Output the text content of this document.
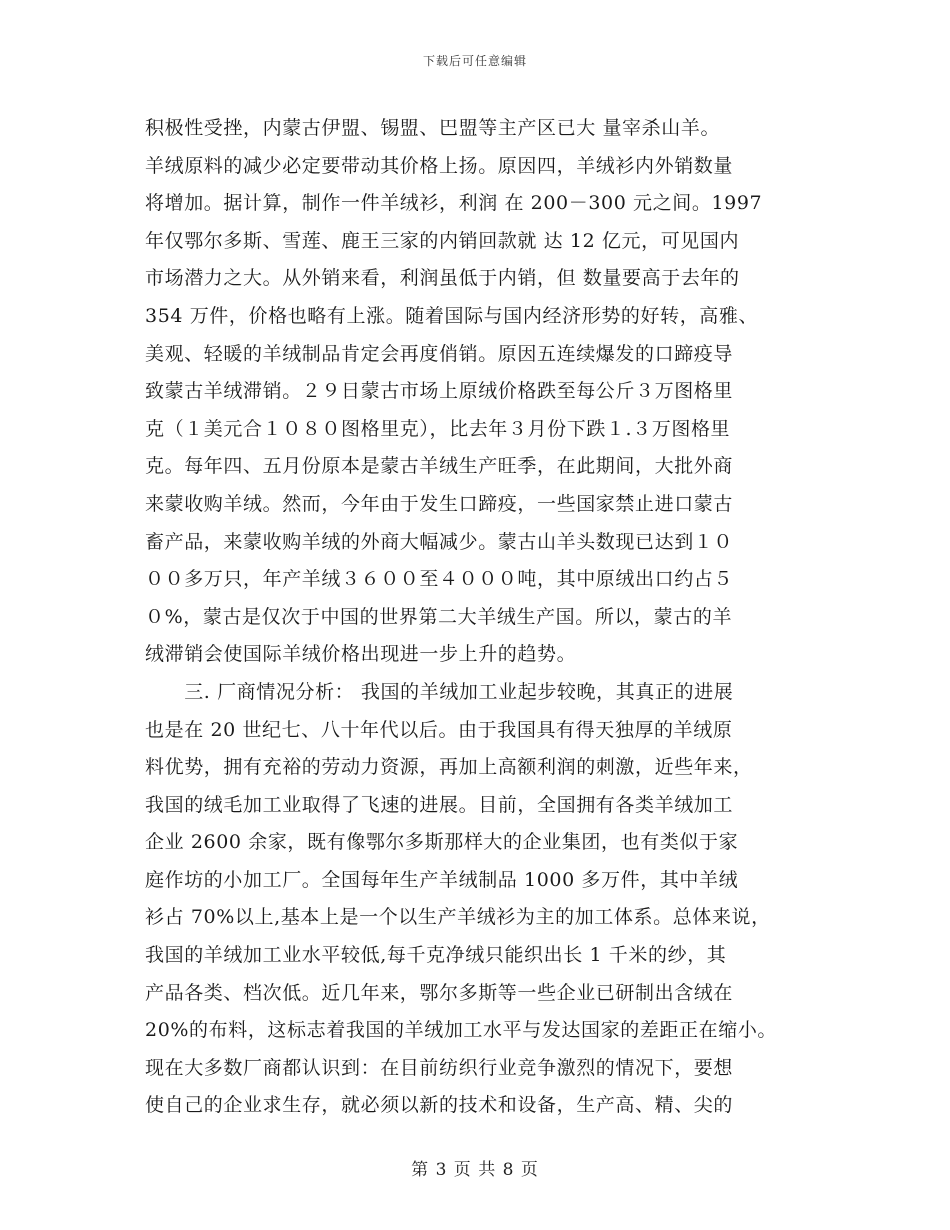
下载后可任意编辑
积极性受挫，内蒙古伊盟、锡盟、巴盟等主产区已大 量宰杀山羊。
羊绒原料的减少必定要带动其价格上扬。原因四，羊绒衫内外销数量
将增加。据计算，制作一件羊绒衫，利润 在 200－300 元之间。1997
年仅鄂尔多斯、雪莲、鹿王三家的内销回款就 达 12 亿元，可见国内
市场潜力之大。从外销来看，利润虽低于内销，但 数量要高于去年的
354 万件，价格也略有上涨。随着国际与国内经济形势的好转，高雅、
美观、轻暖的羊绒制品肯定会再度俏销。原因五连续爆发的口蹄疫导
致蒙古羊绒滞销。２９日蒙古市场上原绒价格跌至每公斤３万图格里
克（１美元合１０８０图格里克），比去年３月份下跌１.３万图格里
克。每年四、五月份原本是蒙古羊绒生产旺季，在此期间，大批外商
来蒙收购羊绒。然而，今年由于发生口蹄疫，一些国家禁止进口蒙古
畜产品，来蒙收购羊绒的外商大幅减少。蒙古山羊头数现已达到１０
００多万只，年产羊绒３６００至４０００吨，其中原绒出口约占５
０%，蒙古是仅次于中国的世界第二大羊绒生产国。所以，蒙古的羊
绒滞销会使国际羊绒价格出现进一步上升的趋势。
　　三. 厂商情况分析： 我国的羊绒加工业起步较晚，其真正的进展
也是在 20 世纪七、八十年代以后。由于我国具有得天独厚的羊绒原
料优势，拥有充裕的劳动力资源，再加上高额利润的刺激，近些年来，
我国的绒毛加工业取得了飞速的进展。目前，全国拥有各类羊绒加工
企业 2600 余家，既有像鄂尔多斯那样大的企业集团，也有类似于家
庭作坊的小加工厂。全国每年生产羊绒制品 1000 多万件，其中羊绒
衫占 70%以上,基本上是一个以生产羊绒衫为主的加工体系。总体来说，
我国的羊绒加工业水平较低,每千克净绒只能织出长 1 千米的纱，其
产品各类、档次低。近几年来，鄂尔多斯等一些企业已研制出含绒在
20%的布料，这标志着我国的羊绒加工水平与发达国家的差距正在缩小。
现在大多数厂商都认识到：在目前纺织行业竞争激烈的情况下，要想
使自己的企业求生存，就必须以新的技术和设备，生产高、精、尖的
第 3 页 共 8 页
